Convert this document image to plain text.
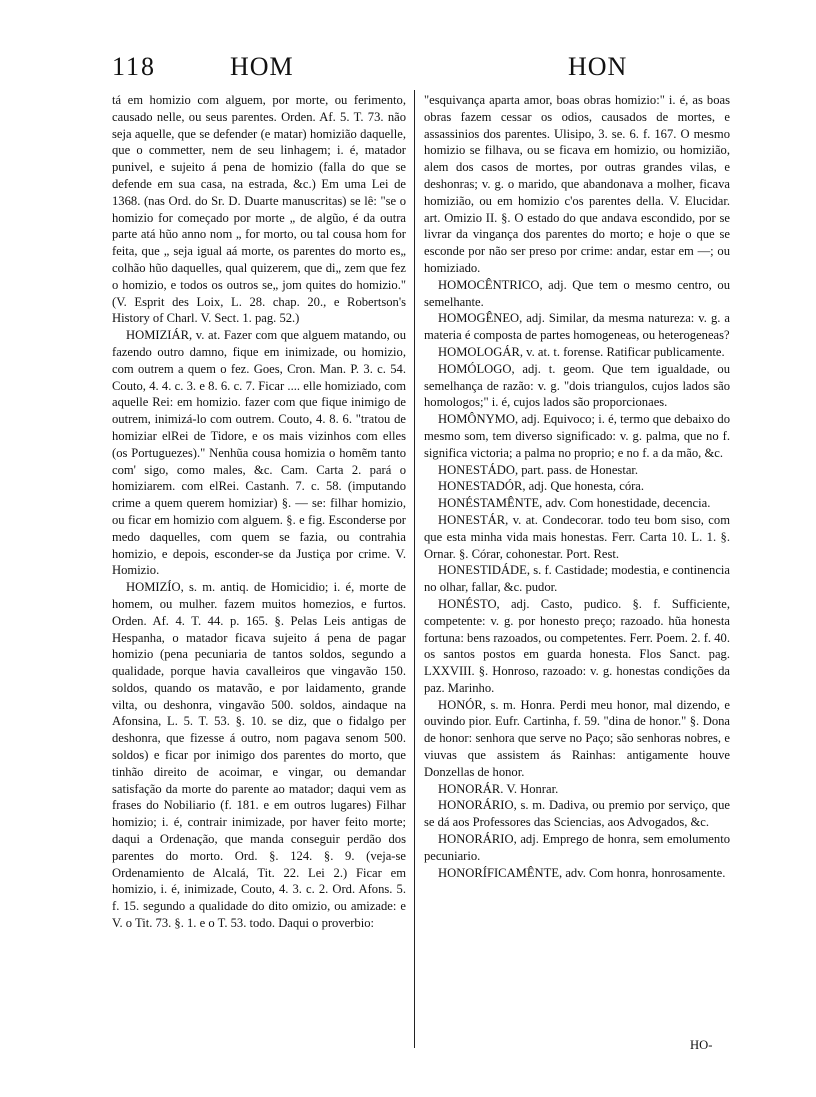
118	HOM	HON

tá em homizio com alguem, por morte, ou ferimento, causado nelle, ou seus parentes. Orden. Af. 5. T. 73. não seja aquelle, que se defender (e matar) homizião daquelle, que o commetter, nem de seu linhagem; i. é, matador punivel, e sujeito á pena de homizio (falla do que se defende em sua casa, na estrada, &c.) Em uma Lei de 1368. (nas Ord. do Sr. D. Duarte manuscritas) se lê: "se o homizio for começado por morte „ de algũo, é da outra parte atá hũo anno nom „ for morto, ou tal cousa hom for feita, que „ seja igual aá morte, os parentes do morto es„ colhão hũo daquelles, qual quizerem, que di„ zem que fez o homizio, e todos os outros se„ jom quites do homizio." (V. Esprit des Loix, L. 28. chap. 20., e Robertson's History of Charl. V. Sect. 1. pag. 52.)

HOMIZIÁR, v. at. Fazer com que alguem matando, ou fazendo outro damno, fique em inimizade, ou homizio, com outrem a quem o fez. Goes, Cron. Man. P. 3. c. 54. Couto, 4. 4. c. 3. e 8. 6. c. 7. Ficar .... elle homiziado, com aquelle Rei: em homizio. fazer com que fique inimigo de outrem, inimizá-lo com outrem. Couto, 4. 8. 6. "tratou de homiziar elRei de Tidore, e os mais vizinhos com elles (os Portuguezes)." Nenhũa cousa homizia o homẽm tanto com' sigo, como males, &c. Cam. Carta 2. pará o homiziarem. com elRei. Castanh. 7. c. 58. (imputando crime a quem querem homiziar) §. — se: filhar homizio, ou ficar em homizio com alguem. §. e fig. Esconderse por medo daquelles, com quem se fazia, ou contrahia homizio, e depois, esconder-se da Justiça por crime. V. Homizio.

HOMIZÍO, s. m. antiq. de Homicidio; i. é, morte de homem, ou mulher. fazem muitos homezios, e furtos. Orden. Af. 4. T. 44. p. 165. §. Pelas Leis antigas de Hespanha, o matador ficava sujeito á pena de pagar homizio (pena pecuniaria de tantos soldos, segundo a qualidade, porque havia cavalleiros que vingavão 150. soldos, quando os matavão, e por laidamento, grande vilta, ou deshonra, vingavão 500. soldos, aindaque na Afonsina, L. 5. T. 53. §. 10. se diz, que o fidalgo per deshonra, que fizesse á outro, nom pagava senom 500. soldos) e ficar por inimigo dos parentes do morto, que tinhão direito de acoimar, e vingar, ou demandar satisfação da morte do parente ao matador; daqui vem as frases do Nobiliario (f. 181. e em outros lugares) Filhar homizio; i. é, contrair inimizade, por haver feito morte; daqui a Ordenação, que manda conseguir perdão dos parentes do morto. Ord. §. 124. §. 9. (veja-se Ordenamiento de Alcalá, Tit. 22. Lei 2.) Ficar em homizio, i. é, inimizade, Couto, 4. 3. c. 2. Ord. Afons. 5. f. 15. segundo a qualidade do dito omizio, ou amizade: e V. o Tit. 73. §. 1. e o T. 53. todo. Daqui o proverbio:

"esquivança aparta amor, boas obras homizio:" i. é, as boas obras fazem cessar os odios, causados de mortes, e assassinios dos parentes. Ulisipo, 3. se. 6. f. 167. O mesmo homizio se filhava, ou se ficava em homizio, ou homizião, alem dos casos de mortes, por outras grandes vilas, e deshonras; v. g. o marido, que abandonava a molher, ficava homizião, ou em homizio c'os parentes della. V. Elucidar. art. Omizio II. §. O estado do que andava escondido, por se livrar da vingança dos parentes do morto; e hoje o que se esconde por não ser preso por crime: andar, estar em —; ou homiziado.

HOMOCÊNTRICO, adj. Que tem o mesmo centro, ou semelhante.

HOMOGÊNEO, adj. Similar, da mesma natureza: v. g. a materia é composta de partes homogeneas, ou heterogeneas?

HOMOLOGÁR, v. at. t. forense. Ratificar publicamente.

HOMÓLOGO, adj. t. geom. Que tem igualdade, ou semelhança de razão: v. g. "dois triangulos, cujos lados são homologos;" i. é, cujos lados são proporcionaes.

HOMÔNYMO, adj. Equivoco; i. é, termo que debaixo do mesmo som, tem diverso significado: v. g. palma, que no f. significa victoria; a palma no proprio; e no f. a da mão, &c.

HONESTÁDO, part. pass. de Honestar.

HONESTADÓR, adj. Que honesta, córa.

HONÉSTAMÊNTE, adv. Com honestidade, decencia.

HONESTÁR, v. at. Condecorar. todo teu bom siso, com que esta minha vida mais honestas. Ferr. Carta 10. L. 1. §. Ornar. §. Córar, cohonestar. Port. Rest.

HONESTIDÁDE, s. f. Castidade; modestia, e continencia no olhar, fallar, &c. pudor.

HONÉSTO, adj. Casto, pudico. §. f. Sufficiente, competente: v. g. por honesto preço; razoado. hũa honesta fortuna: bens razoados, ou competentes. Ferr. Poem. 2. f. 40. os santos postos em guarda honesta. Flos Sanct. pag. LXXVIII. §. Honroso, razoado: v. g. honestas condições da paz. Marinho.

HONÓR, s. m. Honra. Perdi meu honor, mal dizendo, e ouvindo pior. Eufr. Cartinha, f. 59. "dina de honor." §. Dona de honor: senhora que serve no Paço; são senhoras nobres, e viuvas que assistem ás Rainhas: antigamente houve Donzellas de honor.

HONORÁR. V. Honrar.

HONORÁRIO, s. m. Dadiva, ou premio por serviço, que se dá aos Professores das Sciencias, aos Advogados, &c.

HONORÁRIO, adj. Emprego de honra, sem emolumento pecuniario.

HONORÍFICAMÊNTE, adv. Com honra, honrosamente.

HO-
